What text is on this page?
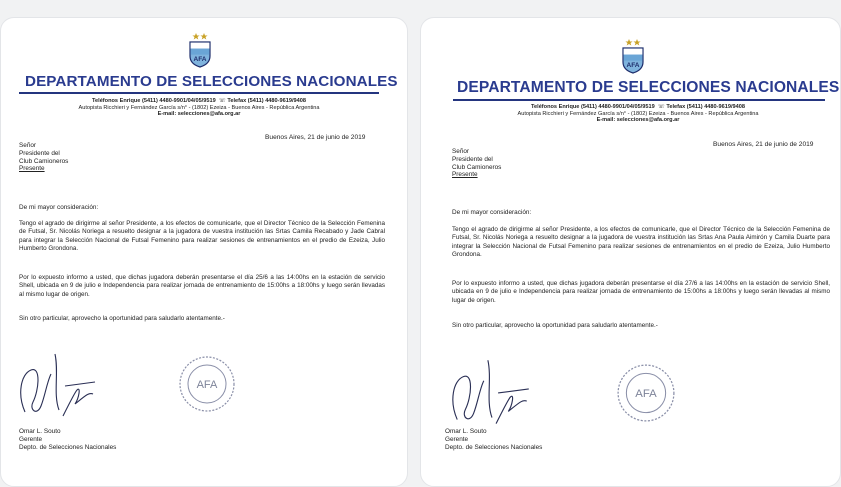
AFA
DEPARTAMENTO DE SELECCIONES NACIONALES
Teléfonos Enrique (5411) 4480-9901/04/05/9519  ☏ Telefax (5411) 4480-9619/9408
Autopista Ricchieri y Fernández García s/n° - (1802) Ezeiza - Buenos Aires - República Argentina
E-mail: selecciones@afa.org.ar
Buenos Aires, 21 de junio de 2019
Señor
Presidente del
Club Camioneros
Presente
De mi mayor consideración:

Tengo el agrado de dirigirme al señor Presidente, a los efectos de comunicarle, que el Director Técnico de la Selección Femenina de Futsal, Sr. Nicolás Noriega a resuelto designar a la jugadora de vuestra institución las Srtas Camila Recabado y Jade Cabral para integrar la Selección Nacional de Futsal Femenino para realizar sesiones de entrenamientos en el predio de Ezeiza, Julio Humberto Grondona.

Por lo expuesto informo a usted, que dichas jugadora deberán presentarse el día 25/6 a las 14:00hs en la estación de servicio Shell, ubicada en 9 de julio e Independencia para realizar jornada de entrenamiento de 15:00hs a 18:00hs y luego serán llevadas al mismo lugar de origen.

Sin otro particular, aprovecho la oportunidad para saludarlo atentamente.-

AFA
Omar L. Souto
Gerente
Depto. de Selecciones Nacionales
AFA
DEPARTAMENTO DE SELECCIONES NACIONALES
Teléfonos Enrique (5411) 4480-9901/04/05/9519  ☏ Telefax (5411) 4480-9619/9408
Autopista Ricchieri y Fernández García s/n° - (1802) Ezeiza - Buenos Aires - República Argentina
E-mail: selecciones@afa.org.ar
Buenos Aires, 21 de junio de 2019
Señor
Presidente del
Club Camioneros
Presente
De mi mayor consideración:

Tengo el agrado de dirigirme al señor Presidente, a los efectos de comunicarle, que el Director Técnico de la Selección Femenina de Futsal, Sr. Nicolás Noriega a resuelto designar a la jugadora de vuestra institución las Srtas Ana Paula Aimirón y Camila Duarte para integrar la Selección Nacional de Futsal Femenino para realizar sesiones de entrenamientos en el predio de Ezeiza, Julio Humberto Grondona.

Por lo expuesto informo a usted, que dichas jugadora deberán presentarse el día 27/6 a las 14:00hs en la estación de servicio Shell, ubicada en 9 de julio e Independencia para realizar jornada de entrenamiento de 15:00hs a 18:00hs y luego serán llevadas al mismo lugar de origen.

Sin otro particular, aprovecho la oportunidad para saludarlo atentamente.-

AFA
Omar L. Souto
Gerente
Depto. de Selecciones Nacionales
